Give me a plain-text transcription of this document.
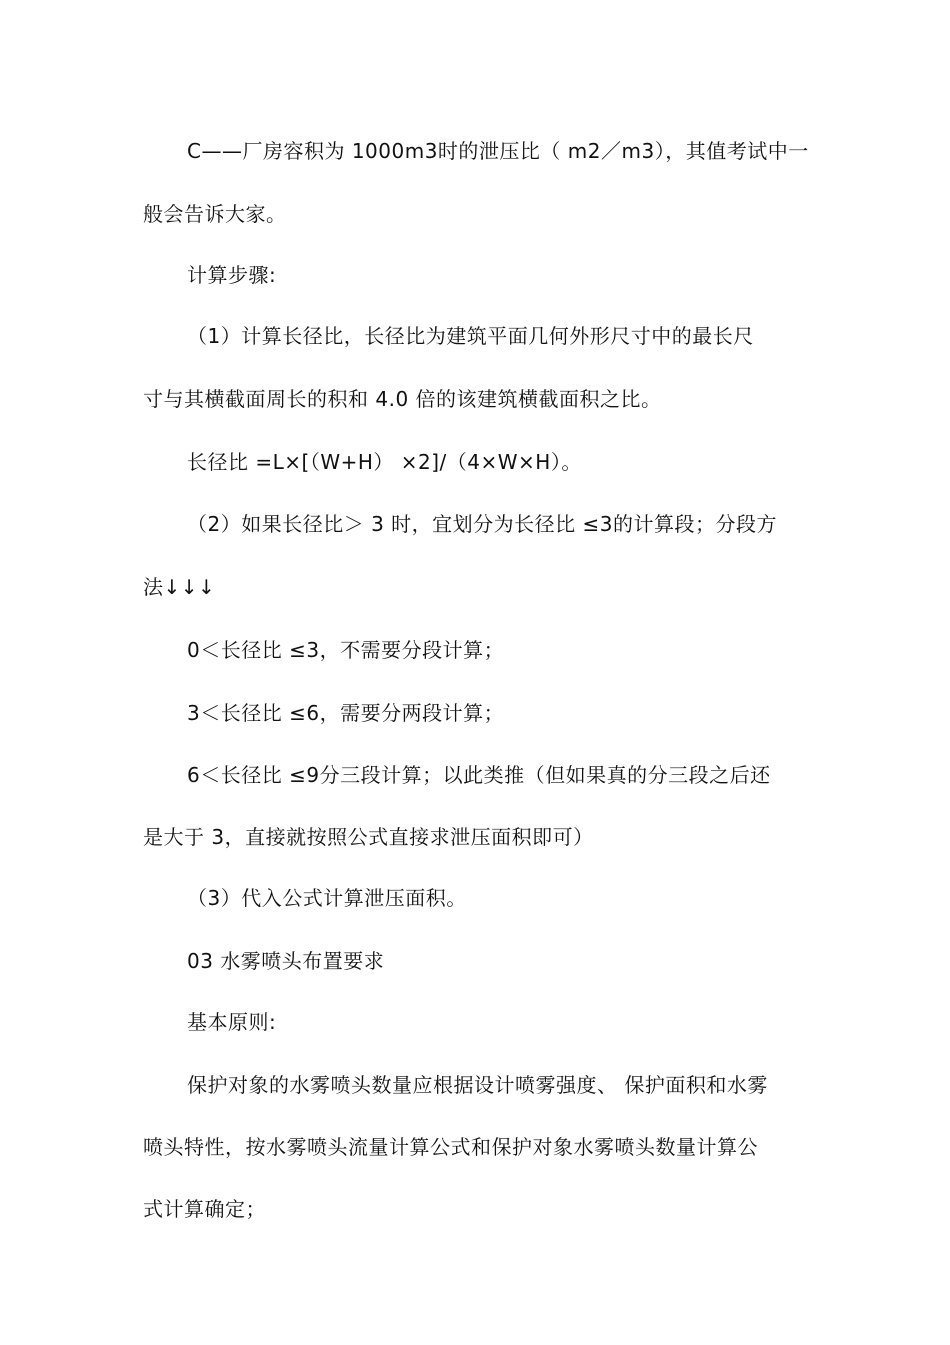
C——厂房容积为 1000m3时的泄压比（ m2／m3），其值考试中一
般会告诉大家。
计算步骤:
（1）计算长径比，长径比为建筑平面几何外形尺寸中的最长尺
寸与其横截面周长的积和 4.0 倍的该建筑横截面积之比。
长径比 =L×[（W+H） ×2]/（4×W×H）。
（2）如果长径比＞ 3 时，宜划分为长径比 ≤3的计算段；分段方
法↓↓↓
0＜长径比 ≤3，不需要分段计算；
3＜长径比 ≤6，需要分两段计算；
6＜长径比 ≤9分三段计算；以此类推（但如果真的分三段之后还
是大于 3，直接就按照公式直接求泄压面积即可）
（3）代入公式计算泄压面积。
03 水雾喷头布置要求
基本原则:
保护对象的水雾喷头数量应根据设计喷雾强度、 保护面积和水雾
喷头特性，按水雾喷头流量计算公式和保护对象水雾喷头数量计算公
式计算确定；
